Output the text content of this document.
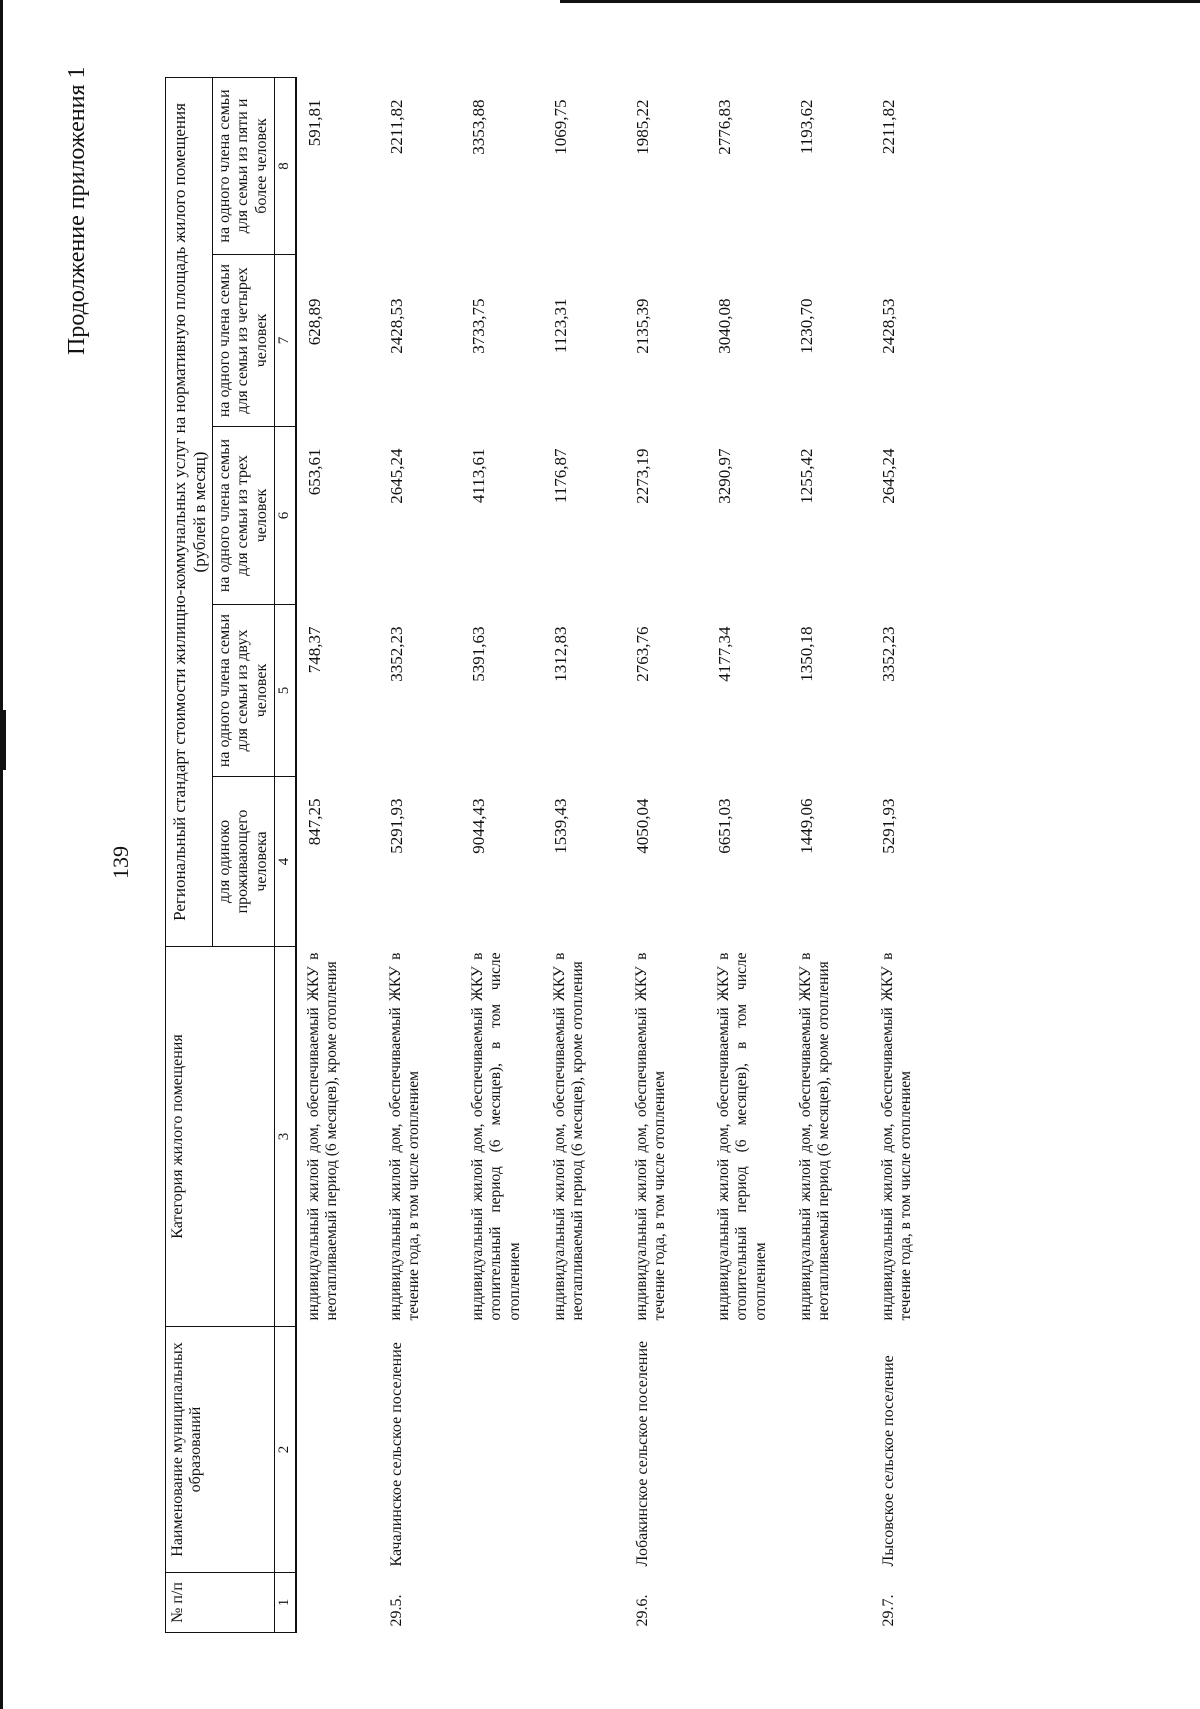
139
Продолжение приложения 1
№ п/п	Наименование муниципальных образований	Категория жилого помещения	Региональный стандарт стоимости жилищно-коммунальных услуг на нормативную площадь жилого помещения (рублей в месяц)				
			для одиноко проживающего человека	на одного члена семьи для семьи из двух человек	на одного члена семьи для семьи из трех человек	на одного члена семьи для семьи из четырех человек	на одного члена семьи для семьи из пяти и более человек
1	2	3	4	5	6	7	8
		индивидуальный жилой дом, обеспечиваемый ЖКУ в неотапливаемый период (6 месяцев), кроме отопления	847,25	748,37	653,61	628,89	591,81
29.5.	Качалинское сельское поселение	индивидуальный жилой дом, обеспечиваемый ЖКУ в течение года, в том числе отоплением	5291,93	3352,23	2645,24	2428,53	2211,82
		индивидуальный жилой дом, обеспечиваемый ЖКУ в отопительный период (6 месяцев), в том числе отоплением	9044,43	5391,63	4113,61	3733,75	3353,88
		индивидуальный жилой дом, обеспечиваемый ЖКУ в неотапливаемый период (6 месяцев), кроме отопления	1539,43	1312,83	1176,87	1123,31	1069,75
29.6.	Лобакинское сельское поселение	индивидуальный жилой дом, обеспечиваемый ЖКУ в течение года, в том числе отоплением	4050,04	2763,76	2273,19	2135,39	1985,22
		индивидуальный жилой дом, обеспечиваемый ЖКУ в отопительный период (6 месяцев), в том числе отоплением	6651,03	4177,34	3290,97	3040,08	2776,83
		индивидуальный жилой дом, обеспечиваемый ЖКУ в неотапливаемый период (6 месяцев), кроме отопления	1449,06	1350,18	1255,42	1230,70	1193,62
29.7.	Лысовское сельское поселение	индивидуальный жилой дом, обеспечиваемый ЖКУ в течение года, в том числе отоплением	5291,93	3352,23	2645,24	2428,53	2211,82
